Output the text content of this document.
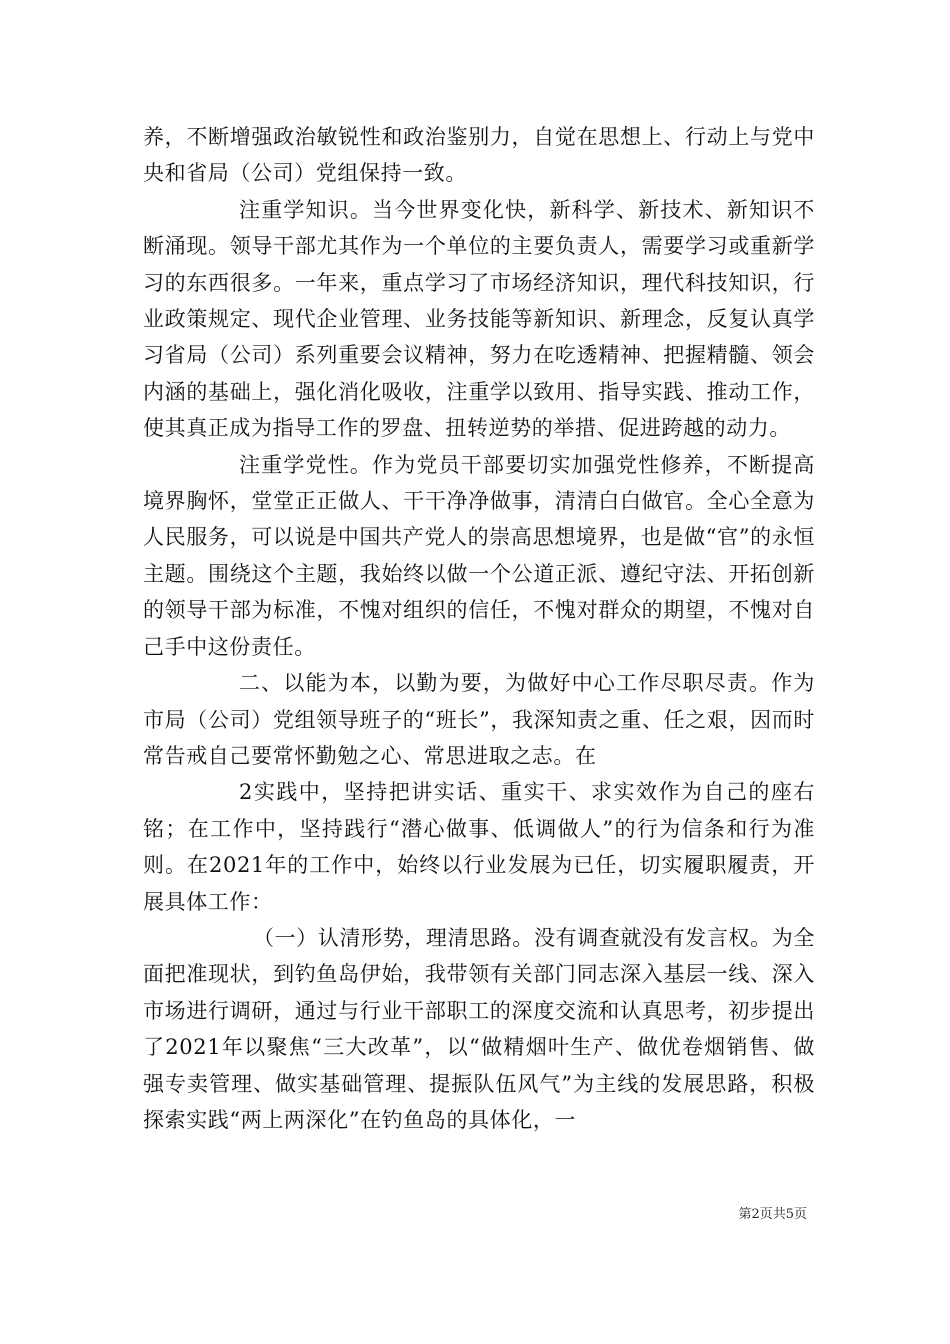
养，不断增强政治敏锐性和政治鉴别力，自觉在思想上、行动上与党中央和省局（公司）党组保持一致。

注重学知识。当今世界变化快，新科学、新技术、新知识不断涌现。领导干部尤其作为一个单位的主要负责人，需要学习或重新学习的东西很多。一年来，重点学习了市场经济知识，理代科技知识，行业政策规定、现代企业管理、业务技能等新知识、新理念，反复认真学习省局（公司）系列重要会议精神，努力在吃透精神、把握精髓、领会内涵的基础上，强化消化吸收，注重学以致用、指导实践、推动工作，使其真正成为指导工作的罗盘、扭转逆势的举措、促进跨越的动力。

注重学党性。作为党员干部要切实加强党性修养，不断提高境界胸怀，堂堂正正做人、干干净净做事，清清白白做官。全心全意为人民服务，可以说是中国共产党人的崇高思想境界，也是做“官”的永恒主题。围绕这个主题，我始终以做一个公道正派、遵纪守法、开拓创新的领导干部为标准，不愧对组织的信任，不愧对群众的期望，不愧对自己手中这份责任。

二、以能为本，以勤为要，为做好中心工作尽职尽责。作为市局（公司）党组领导班子的“班长”，我深知责之重、任之艰，因而时常告戒自己要常怀勤勉之心、常思进取之志。在

2实践中，坚持把讲实话、重实干、求实效作为自己的座右铭；在工作中，坚持践行“潜心做事、低调做人”的行为信条和行为准则。在2021年的工作中，始终以行业发展为已任，切实履职履责，开展具体工作：

（一）认清形势，理清思路。没有调查就没有发言权。为全面把准现状，到钓鱼岛伊始，我带领有关部门同志深入基层一线、深入市场进行调研，通过与行业干部职工的深度交流和认真思考，初步提出了2021年以聚焦“三大改革”，以“做精烟叶生产、做优卷烟销售、做强专卖管理、做实基础管理、提振队伍风气”为主线的发展思路，积极探索实践“两上两深化”在钓鱼岛的具体化，一

第2页共5页
